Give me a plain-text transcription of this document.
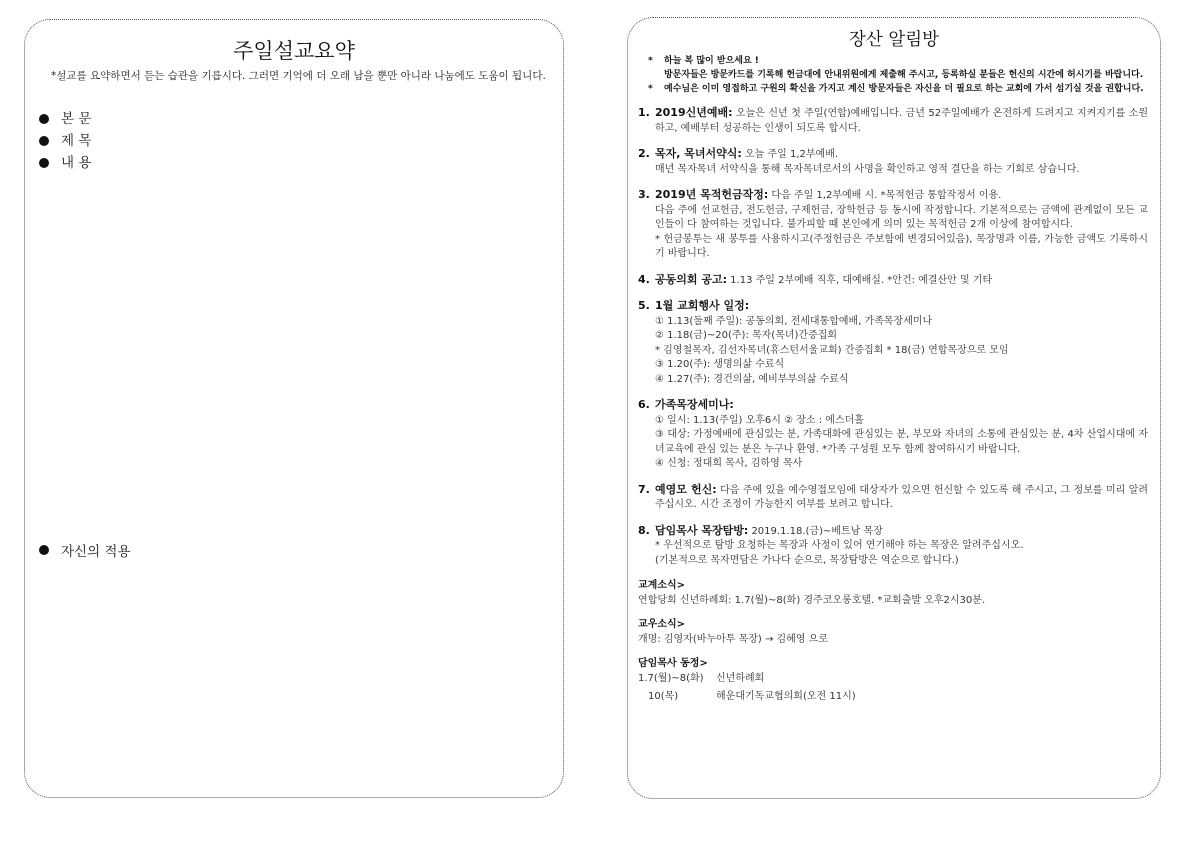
주일설교요약
*설교를 요약하면서 듣는 습관을 기릅시다. 그러면 기억에 더 오래 남을 뿐만 아니라 나눔에도 도움이 됩니다.
본 문
제 목
내 용
자신의 적용
장산 알림방
* 하늘 복 많이 받으세요 !
방문자들은 방문카드를 기록해 헌금대에 안내위원에게 제출해 주시고, 등록하실 분들은 헌신의 시간에 허시기를 바랍니다.
* 예수님은 이미 영접하고 구원의 확신을 가지고 계신 방문자들은 자신을 더 필요로 하는 교회에 가서 섬기실 것을 권합니다.
1. 2019신년예배: 오늘은 신년 첫 주일(연합)예배입니다. 금년 52주일예배가 온전하게 드려지고 지켜지기를 소원하고, 예배부터 성공하는 인생이 되도록 합시다.
2. 목자, 목녀서약식: 오늘 주일 1,2부예배.
매년 목자목녀 서약식을 통해 목자목녀로서의 사명을 확인하고 영적 결단을 하는 기회로 삼습니다.
3. 2019년 목적헌금작정: 다음 주일 1,2부예배 시. *목적헌금 통합작정서 이용.
다음 주에 선교헌금, 전도헌금, 구제헌금, 장학헌금 등 동시에 작정합니다. 기본적으로는 금액에 관계없이 모든 교인들이 다 참여하는 것입니다. 불가피할 때 본인에게 의미 있는 목적헌금 2개 이상에 참여합시다.
* 헌금봉투는 새 봉투를 사용하시고(주정헌금은 주보함에 변경되어있음), 목장명과 이름, 가능한 금액도 기록하시기 바랍니다.
4. 공동의회 공고: 1.13 주일 2부예배 직후, 대예배실. *안건: 예결산안 및 기타
5. 1월 교회행사 일정:
① 1.13(둘째 주일): 공동의회, 전세대통합예배, 가족목장세미나
② 1.18(금)~20(주): 목자(목녀)간증집회
* 김영철목자, 김선자목녀(휴스턴서울교회) 간증집회 * 18(금) 연합목장으로 모임
③ 1.20(주): 생명의삶 수료식
④ 1.27(주): 경건의삶, 예비부부의삶 수료식
6. 가족목장세미나:
① 일시: 1.13(주일) 오후6시 ② 장소 : 에스더홀
③ 대상: 가정예배에 관심있는 분, 가족대화에 관심있는 분, 부모와 자녀의 소통에 관심있는 분, 4차 산업시대에 자녀교육에 관심 있는 분은 누구나 환영. *가족 구성원 모두 함께 참여하시기 바랍니다.
④ 신청: 정대희 목사, 김하영 목사
7. 예영모 헌신: 다음 주에 있을 예수영접모임에 대상자가 있으면 헌신할 수 있도록 해 주시고, 그 정보를 미리 알려주십시오. 시간 조정이 가능한지 여부를 보려고 합니다.
8. 담임목사 목장탐방: 2019.1.18.(금)~베트남 목장
* 우선적으로 탐방 요청하는 목장과 사정이 있어 연기해야 하는 목장은 알려주십시오.
(기본적으로 목자면담은 가나다 순으로, 목장탐방은 역순으로 합니다.)
교계소식>
연합당회 신년하례회: 1.7(월)~8(화) 경주코오롱호텔. *교회출발 오후2시30분.
교우소식>
개명: 김영자(바누아투 목장) → 김혜영 으로
담임목사 동정>
1.7(월)~8(화)	신년하례회
10(목)	해운대기독교협의회(오전 11시)
